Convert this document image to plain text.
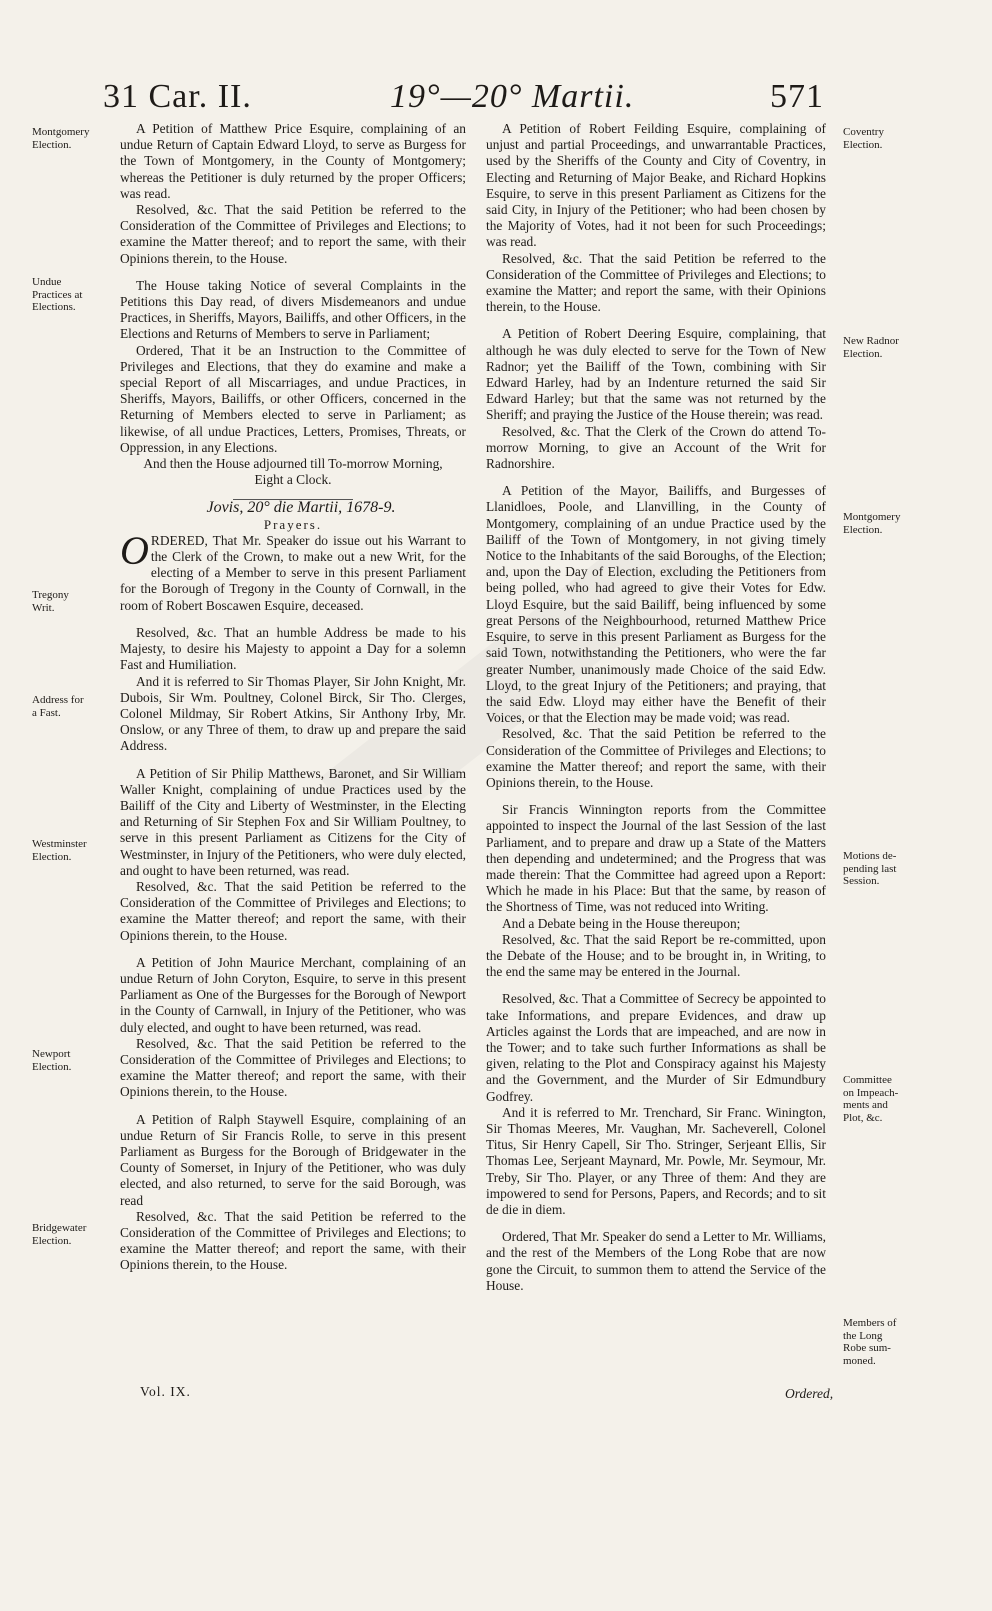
31 Car. II.	19°—20° Martii.	571
Montgomery
Election.
Undue
Practices at
Elections.
Tregony
Writ.
Address for
a Fast.
Westminster
Election.
Newport
Election.
Bridgewater
Election.
Coventry
Election.
New Radnor
Election.
Montgomery
Election.
Motions de-
pending last
Session.
Committee
on Impeach-
ments and
Plot, &c.
Members of
the Long
Robe sum-
moned.

A Petition of Matthew Price Esquire, complaining of an undue Return of Captain Edward Lloyd, to serve as Burgess for the Town of Montgomery, in the County of Montgomery; whereas the Petitioner is duly returned by the proper Officers; was read.

Resolved, &c. That the said Petition be referred to the Consideration of the Committee of Privileges and Elections; to examine the Matter thereof; and to report the same, with their Opinions therein, to the House.

The House taking Notice of several Complaints in the Petitions this Day read, of divers Misdemeanors and undue Practices, in Sheriffs, Mayors, Bailiffs, and other Officers, in the Elections and Returns of Members to serve in Parliament;

Ordered, That it be an Instruction to the Committee of Privileges and Elections, that they do examine and make a special Report of all Miscarriages, and undue Practices, in Sheriffs, Mayors, Bailiffs, or other Officers, concerned in the Returning of Members elected to serve in Parliament; as likewise, of all undue Practices, Letters, Promises, Threats, or Oppression, in any Elections.

And then the House adjourned till To-morrow Morning, Eight a Clock.

Jovis, 20° die Martii, 1678-9.

Prayers.

ORDERED, That Mr. Speaker do issue out his Warrant to the Clerk of the Crown, to make out a new Writ, for the electing of a Member to serve in this present Parliament for the Borough of Tregony in the County of Cornwall, in the room of Robert Boscawen Esquire, deceased.

Resolved, &c. That an humble Address be made to his Majesty, to desire his Majesty to appoint a Day for a solemn Fast and Humiliation.

And it is referred to Sir Thomas Player, Sir John Knight, Mr. Dubois, Sir Wm. Poultney, Colonel Birck, Sir Tho. Clerges, Colonel Mildmay, Sir Robert Atkins, Sir Anthony Irby, Mr. Onslow, or any Three of them, to draw up and prepare the said Address.

A Petition of Sir Philip Matthews, Baronet, and Sir William Waller Knight, complaining of undue Practices used by the Bailiff of the City and Liberty of Westminster, in the Electing and Returning of Sir Stephen Fox and Sir William Poultney, to serve in this present Parliament as Citizens for the City of Westminster, in Injury of the Petitioners, who were duly elected, and ought to have been returned, was read.

Resolved, &c. That the said Petition be referred to the Consideration of the Committee of Privileges and Elections; to examine the Matter thereof; and report the same, with their Opinions therein, to the House.

A Petition of John Maurice Merchant, complaining of an undue Return of John Coryton, Esquire, to serve in this present Parliament as One of the Burgesses for the Borough of Newport in the County of Carnwall, in Injury of the Petitioner, who was duly elected, and ought to have been returned, was read.

Resolved, &c. That the said Petition be referred to the Consideration of the Committee of Privileges and Elections; to examine the Matter thereof; and report the same, with their Opinions therein, to the House.

A Petition of Ralph Staywell Esquire, complaining of an undue Return of Sir Francis Rolle, to serve in this present Parliament as Burgess for the Borough of Bridgewater in the County of Somerset, in Injury of the Petitioner, who was duly elected, and also returned, to serve for the said Borough, was read

Resolved, &c. That the said Petition be referred to the Consideration of the Committee of Privileges and Elections; to examine the Matter thereof; and report the same, with their Opinions therein, to the House.

A Petition of Robert Feilding Esquire, complaining of unjust and partial Proceedings, and unwarrantable Practices, used by the Sheriffs of the County and City of Coventry, in Electing and Returning of Major Beake, and Richard Hopkins Esquire, to serve in this present Parliament as Citizens for the said City, in Injury of the Petitioner; who had been chosen by the Majority of Votes, had it not been for such Proceedings; was read.

Resolved, &c. That the said Petition be referred to the Consideration of the Committee of Privileges and Elections; to examine the Matter; and report the same, with their Opinions therein, to the House.

A Petition of Robert Deering Esquire, complaining, that although he was duly elected to serve for the Town of New Radnor; yet the Bailiff of the Town, combining with Sir Edward Harley, had by an Indenture returned the said Sir Edward Harley; but that the same was not returned by the Sheriff; and praying the Justice of the House therein; was read.

Resolved, &c. That the Clerk of the Crown do attend To-morrow Morning, to give an Account of the Writ for Radnorshire.

A Petition of the Mayor, Bailiffs, and Burgesses of Llanidloes, Poole, and Llanvilling, in the County of Montgomery, complaining of an undue Practice used by the Bailiff of the Town of Montgomery, in not giving timely Notice to the Inhabitants of the said Boroughs, of the Election; and, upon the Day of Election, excluding the Petitioners from being polled, who had agreed to give their Votes for Edw. Lloyd Esquire, but the said Bailiff, being influenced by some great Persons of the Neighbourhood, returned Matthew Price Esquire, to serve in this present Parliament as Burgess for the said Town, notwithstanding the Petitioners, who were the far greater Number, unanimously made Choice of the said Edw. Lloyd, to the great Injury of the Petitioners; and praying, that the said Edw. Lloyd may either have the Benefit of their Voices, or that the Election may be made void; was read.

Resolved, &c. That the said Petition be referred to the Consideration of the Committee of Privileges and Elections; to examine the Matter thereof; and report the same, with their Opinions therein, to the House.

Sir Francis Winnington reports from the Committee appointed to inspect the Journal of the last Session of the last Parliament, and to prepare and draw up a State of the Matters then depending and undetermined; and the Progress that was made therein: That the Committee had agreed upon a Report: Which he made in his Place: But that the same, by reason of the Shortness of Time, was not reduced into Writing.

And a Debate being in the House thereupon;

Resolved, &c. That the said Report be re-committed, upon the Debate of the House; and to be brought in, in Writing, to the end the same may be entered in the Journal.

Resolved, &c. That a Committee of Secrecy be appointed to take Informations, and prepare Evidences, and draw up Articles against the Lords that are impeached, and are now in the Tower; and to take such further Informations as shall be given, relating to the Plot and Conspiracy against his Majesty and the Government, and the Murder of Sir Edmundbury Godfrey.

And it is referred to Mr. Trenchard, Sir Franc. Winington, Sir Thomas Meeres, Mr. Vaughan, Mr. Sacheverell, Colonel Titus, Sir Henry Capell, Sir Tho. Stringer, Serjeant Ellis, Sir Thomas Lee, Serjeant Maynard, Mr. Powle, Mr. Seymour, Mr. Treby, Sir Tho. Player, or any Three of them: And they are impowered to send for Persons, Papers, and Records; and to sit de die in diem.

Ordered, That Mr. Speaker do send a Letter to Mr. Williams, and the rest of the Members of the Long Robe that are now gone the Circuit, to summon them to attend the Service of the House.

Vol. IX.	Ordered,
